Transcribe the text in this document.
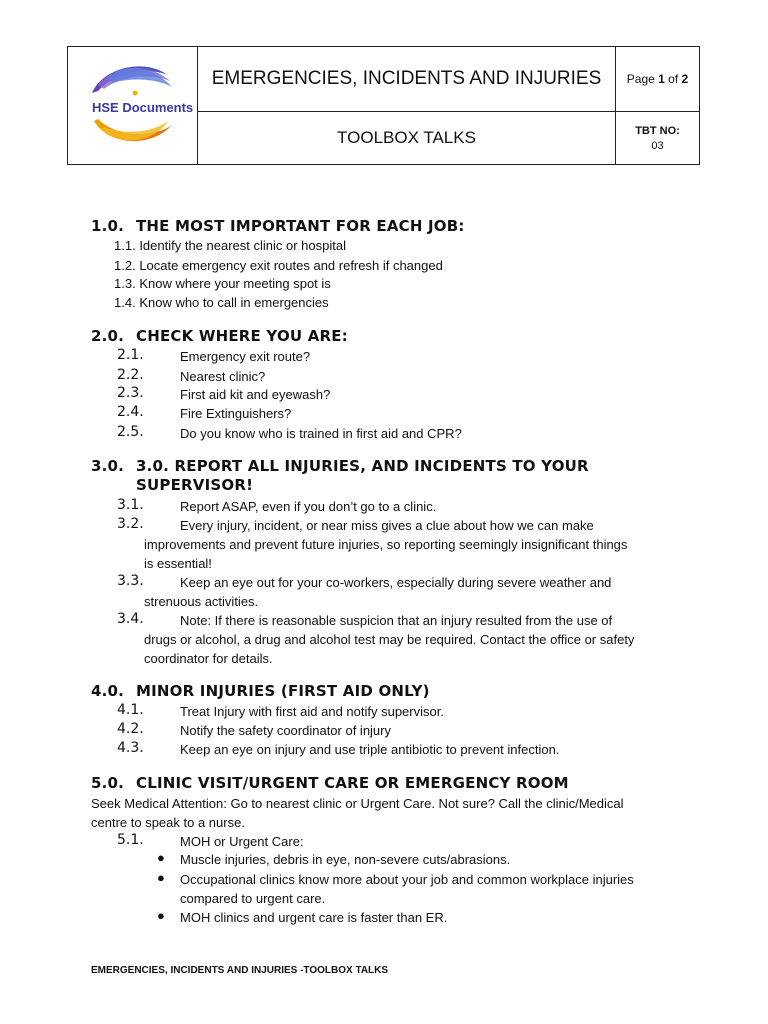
HSE Documents
EMERGENCIES, INCIDENTS AND INJURIES
TOOLBOX TALKS
Page 1 of 2
TBT NO:
03
1.0. THE MOST IMPORTANT FOR EACH JOB:
1.1. Identify the nearest clinic or hospital
1.2. Locate emergency exit routes and refresh if changed
1.3. Know where your meeting spot is
1.4. Know who to call in emergencies
2.0. CHECK WHERE YOU ARE:
2.1.	Emergency exit route?
2.2.	Nearest clinic?
2.3.	First aid kit and eyewash?
2.4.	Fire Extinguishers?
2.5.	Do you know who is trained in first aid and CPR?
3.0. 3.0. REPORT ALL INJURIES, AND INCIDENTS TO YOUR
SUPERVISOR!
3.1.	Report ASAP, even if you don’t go to a clinic.
3.2.	Every injury, incident, or near miss gives a clue about how we can make
improvements and prevent future injuries, so reporting seemingly insignificant things
is essential!
3.3.	Keep an eye out for your co-workers, especially during severe weather and
strenuous activities.
3.4.	Note: If there is reasonable suspicion that an injury resulted from the use of
drugs or alcohol, a drug and alcohol test may be required. Contact the office or safety
coordinator for details.
4.0. MINOR INJURIES (FIRST AID ONLY)
4.1.	Treat Injury with first aid and notify supervisor.
4.2.	Notify the safety coordinator of injury
4.3.	Keep an eye on injury and use triple antibiotic to prevent infection.
5.0. CLINIC VISIT/URGENT CARE OR EMERGENCY ROOM
Seek Medical Attention: Go to nearest clinic or Urgent Care. Not sure? Call the clinic/Medical
centre to speak to a nurse.
5.1.	MOH or Urgent Care:
● Muscle injuries, debris in eye, non-severe cuts/abrasions.
● Occupational clinics know more about your job and common workplace injuries
compared to urgent care.
● MOH clinics and urgent care is faster than ER.
EMERGENCIES, INCIDENTS AND INJURIES -TOOLBOX TALKS
